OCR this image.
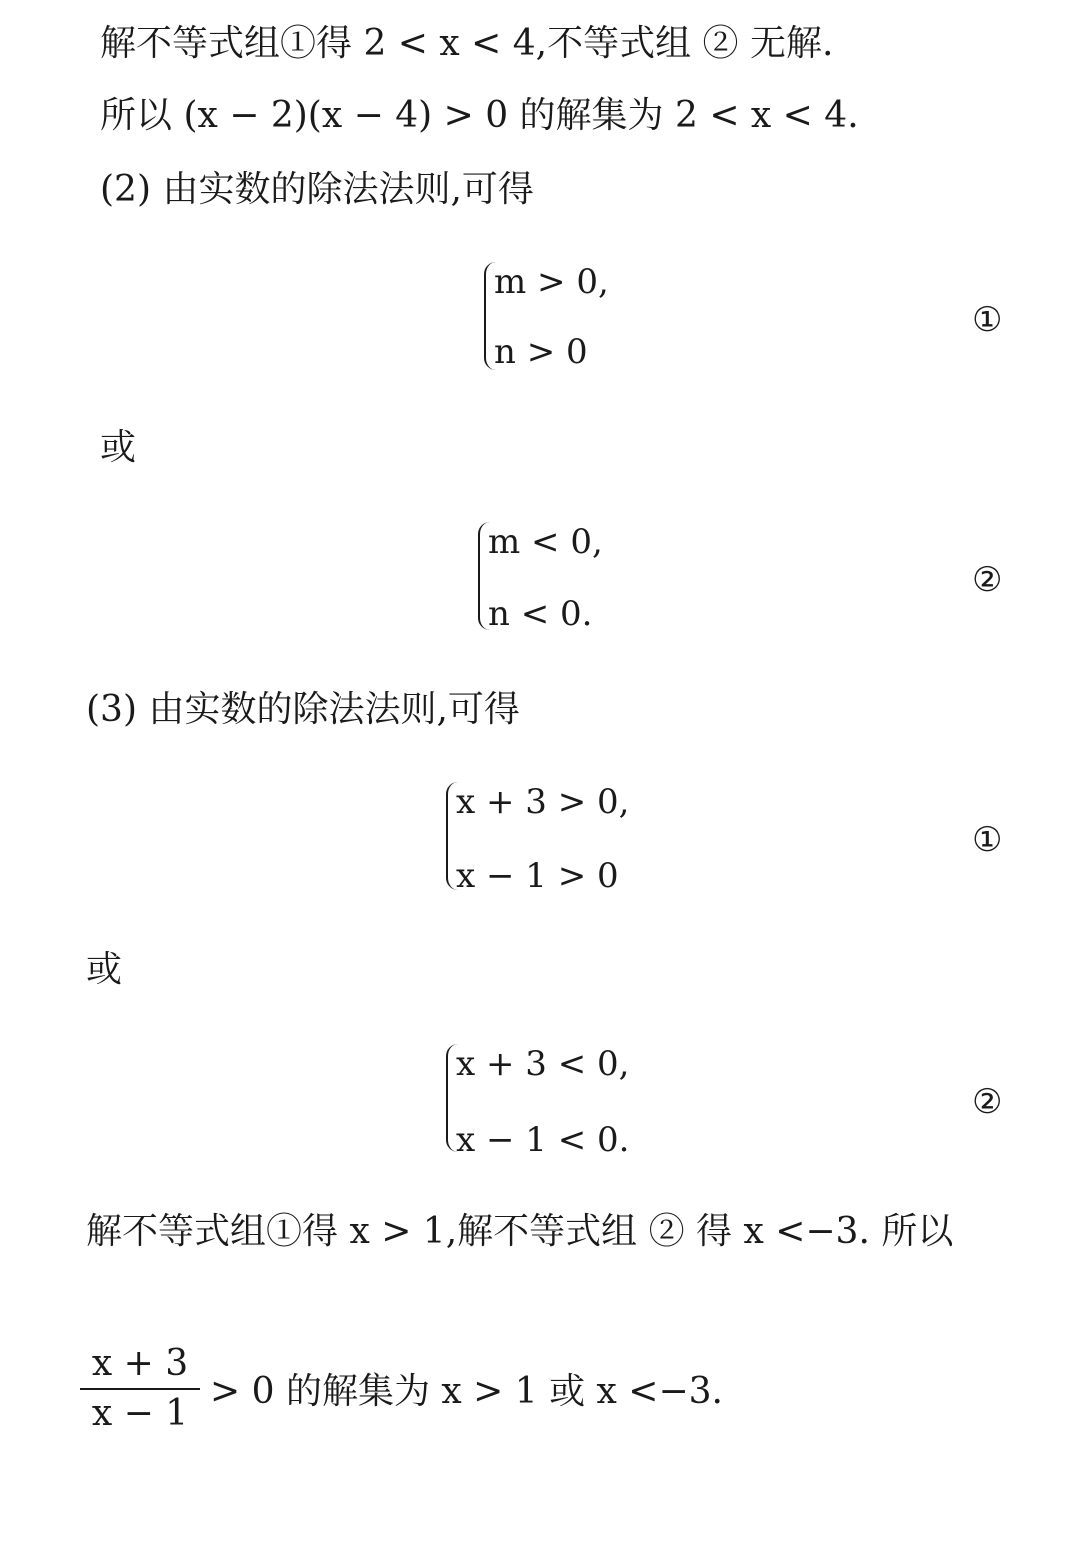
解不等式组①得 2 < x < 4,不等式组 ② 无解.
所以 (x − 2)(x − 4) > 0 的解集为 2 < x < 4.
(2) 由实数的除法法则,可得
m > 0,
n > 0
①
或
m < 0,
n < 0.
②
(3) 由实数的除法法则,可得
x + 3 > 0,
x − 1 > 0
①
或
x + 3 < 0,
x − 1 < 0.
②
解不等式组①得 x > 1,解不等式组 ② 得 x <−3. 所以
x + 3
x − 1
> 0 的解集为 x > 1 或 x <−3.
